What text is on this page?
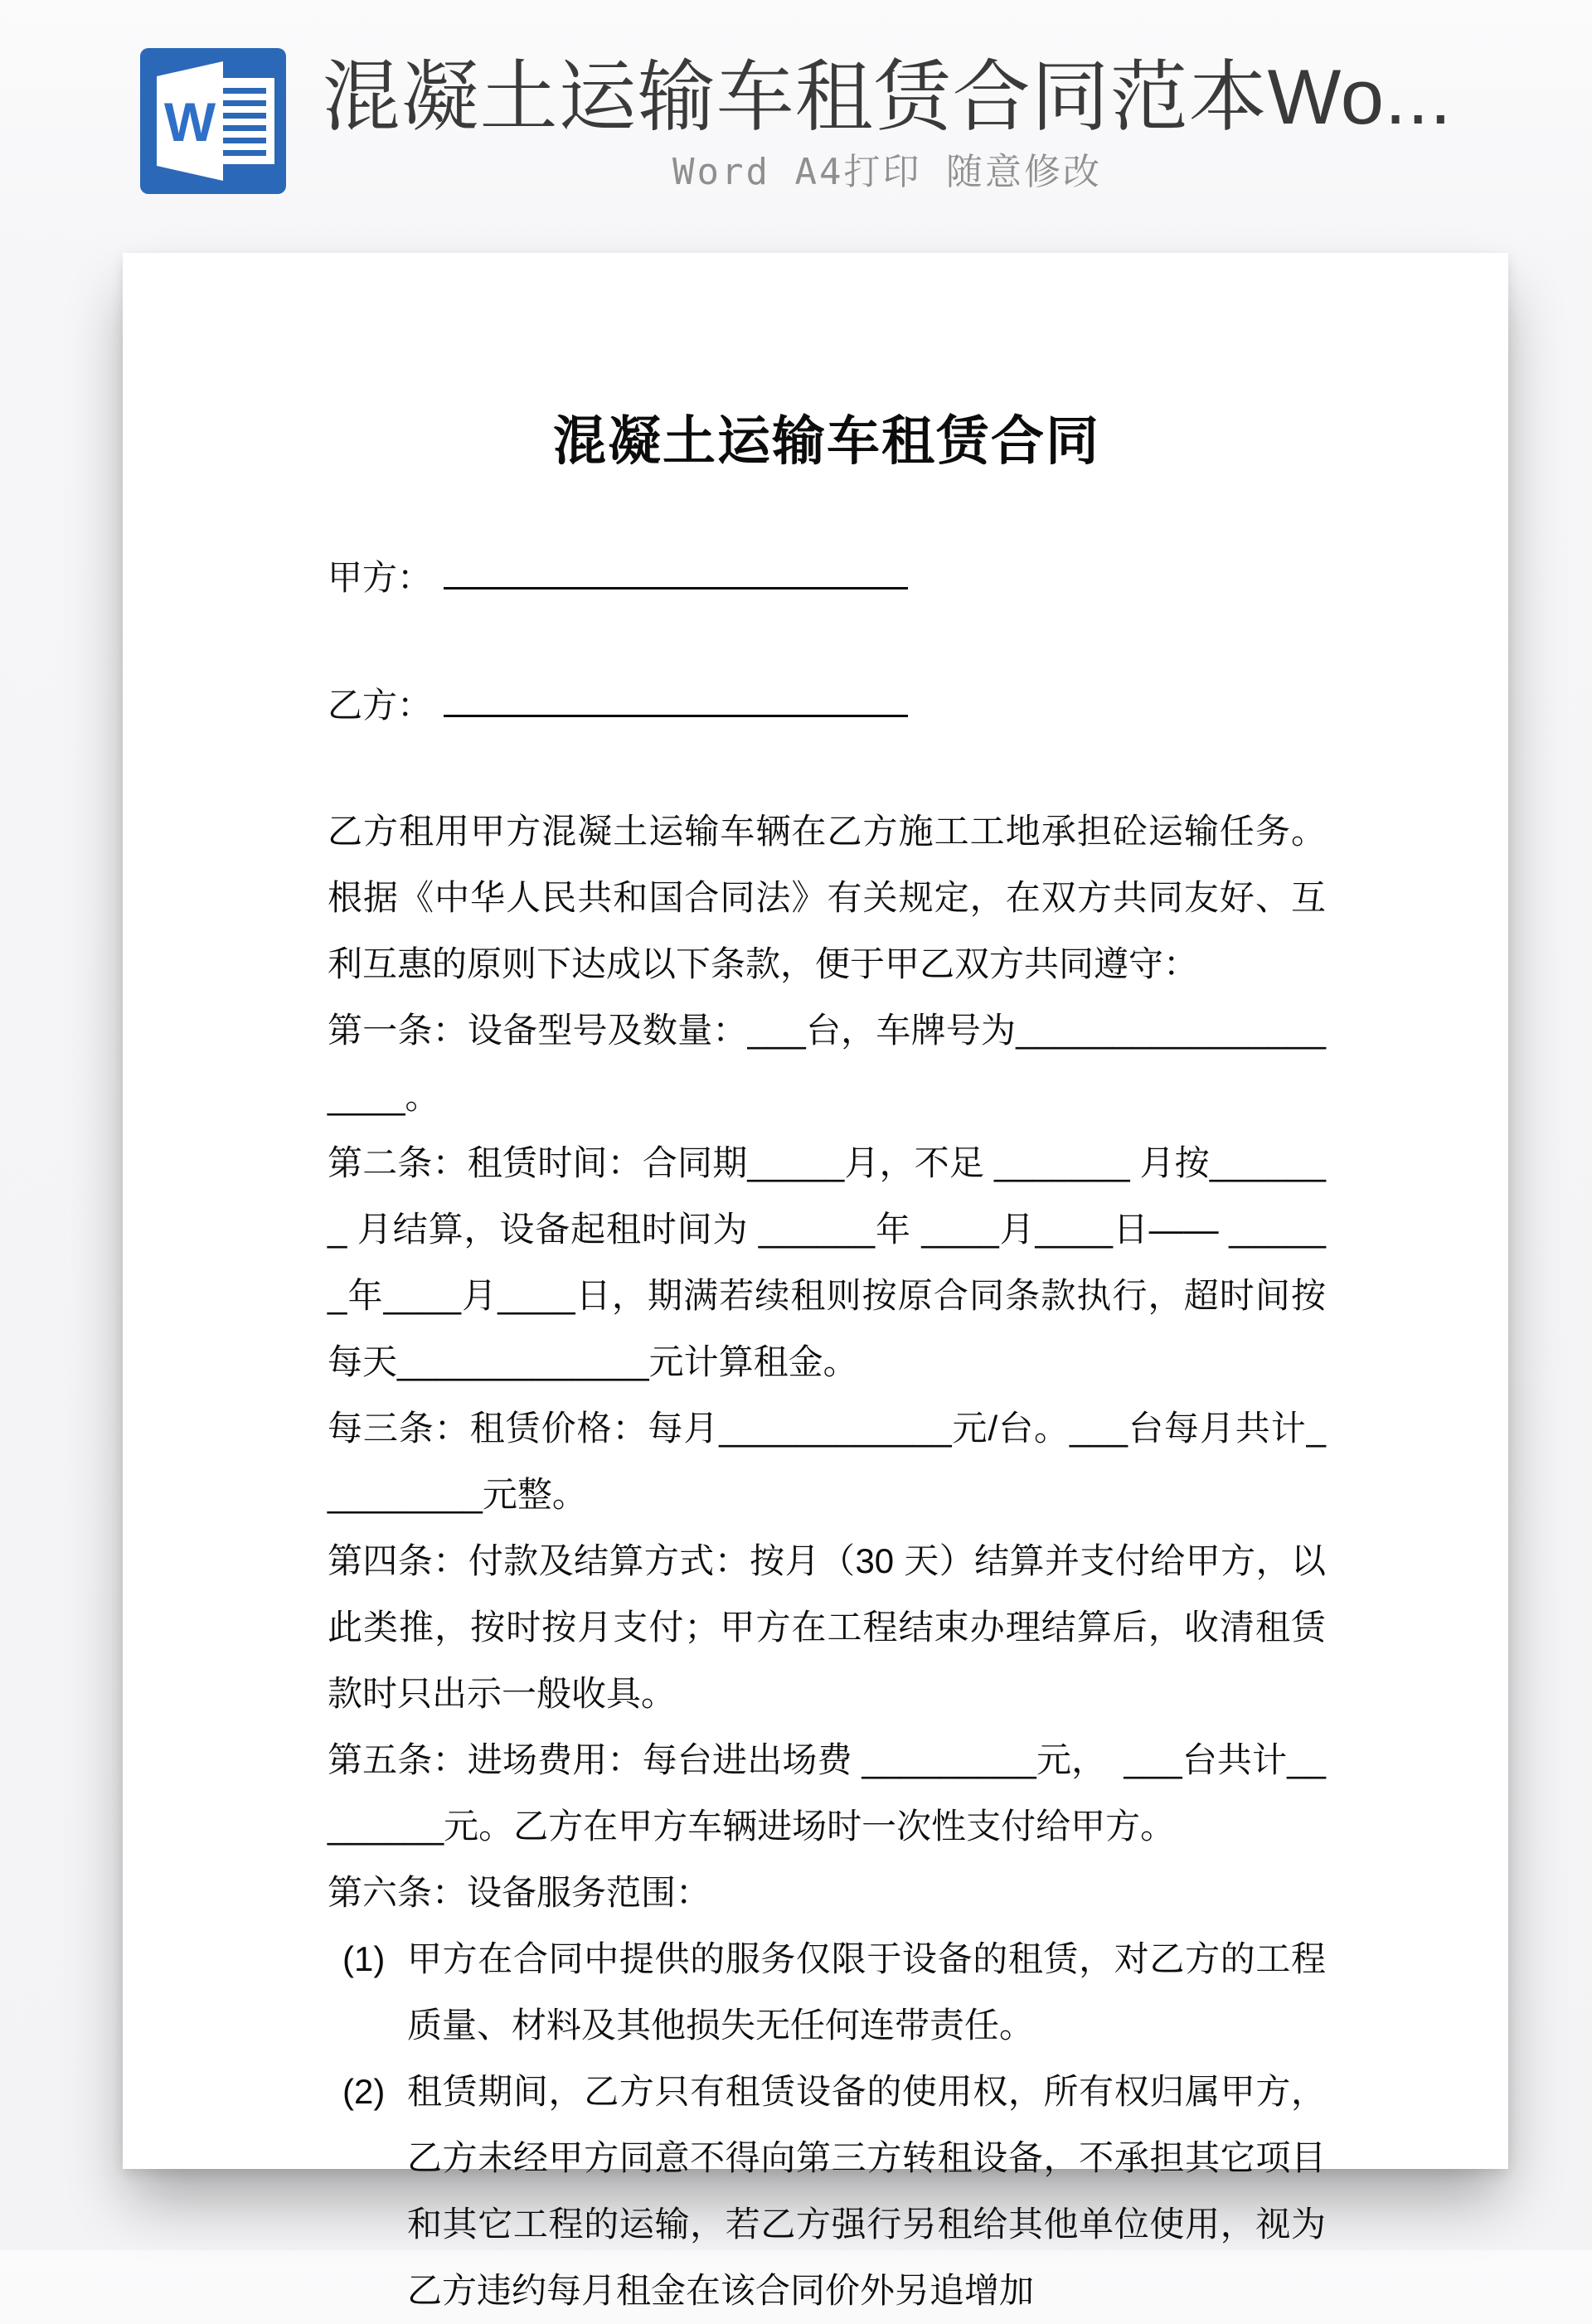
W 混凝土运输车租赁合同范本Wo...
Word A4打印 随意修改
混凝土运输车租赁合同
甲方：
乙方：

乙方租用甲方混凝土运输车辆在乙方施工工地承担砼运输任务。根据《中华人民共和国合同法》有关规定，在双方共同友好、互利互惠的原则下达成以下条款，便于甲乙双方共同遵守：

第一条：设备型号及数量：___台，车牌号为____________________。

第二条：租赁时间：合同期_____月，不足 _______ 月按_______ 月结算，设备起租时间为 ______年 ____月____日—— ______年____月____日，期满若续租则按原合同条款执行，超时间按每天_____________元计算租金。

每三条：租赁价格：每月____________元/台。___台每月共计_________元整。

第四条：付款及结算方式：按月（30 天）结算并支付给甲方，以此类推，按时按月支付；甲方在工程结束办理结算后，收清租赁款时只出示一般收具。

第五条：进场费用：每台进出场费 _________元，　___台共计________元。乙方在甲方车辆进场时一次性支付给甲方。

第六条：设备服务范围：

(1) 甲方在合同中提供的服务仅限于设备的租赁，对乙方的工程质量、材料及其他损失无任何连带责任。
(2) 租赁期间，乙方只有租赁设备的使用权，所有权归属甲方，乙方未经甲方同意不得向第三方转租设备，不承担其它项目和其它工程的运输，若乙方强行另租给其他单位使用，视为乙方违约每月租金在该合同价外另追增加
